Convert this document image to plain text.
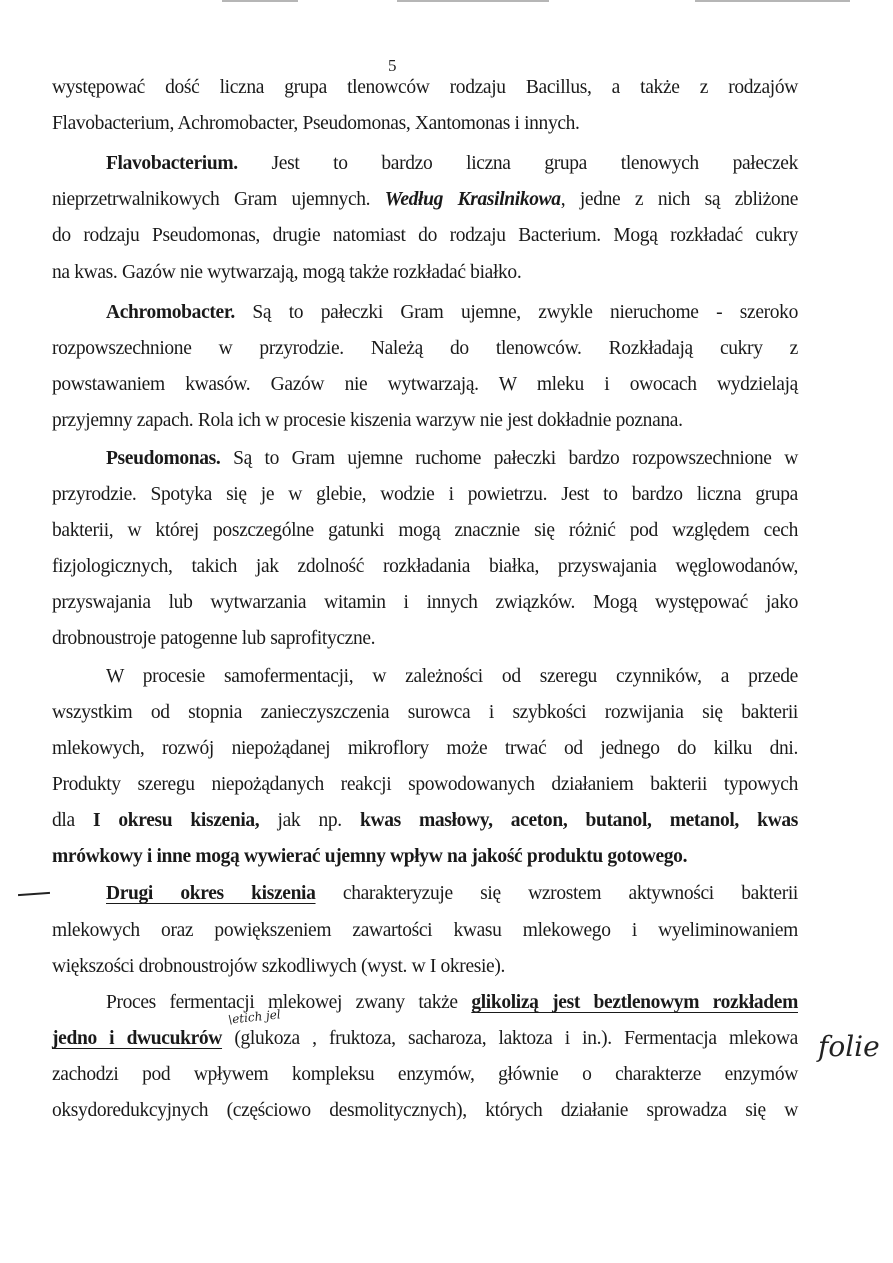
5
występować dość liczna grupa tlenowców rodzaju Bacillus, a także z rodzajów
Flavobacterium, Achromobacter, Pseudomonas, Xantomonas i innych.
Flavobacterium. Jest to bardzo liczna grupa tlenowych pałeczek
nieprzetrwalnikowych Gram ujemnych. Według Krasilnikowa, jedne z nich są zbliżone
do rodzaju Pseudomonas, drugie natomiast do rodzaju Bacterium. Mogą rozkładać cukry
na kwas. Gazów nie wytwarzają, mogą także rozkładać białko.
Achromobacter. Są to pałeczki Gram ujemne, zwykle nieruchome - szeroko
rozpowszechnione w przyrodzie. Należą do tlenowców. Rozkładają cukry z
powstawaniem kwasów. Gazów nie wytwarzają. W mleku i owocach wydzielają
przyjemny zapach. Rola ich w procesie kiszenia warzyw nie jest dokładnie poznana.
Pseudomonas. Są to Gram ujemne ruchome pałeczki bardzo rozpowszechnione w
przyrodzie. Spotyka się je w glebie, wodzie i powietrzu. Jest to bardzo liczna grupa
bakterii, w której poszczególne gatunki mogą znacznie się różnić pod względem cech
fizjologicznych, takich jak zdolność rozkładania białka, przyswajania węglowodanów,
przyswajania lub wytwarzania witamin i innych związków. Mogą występować jako
drobnoustroje patogenne lub saprofityczne.
W procesie samofermentacji, w zależności od szeregu czynników, a przede
wszystkim od stopnia zanieczyszczenia surowca i szybkości rozwijania się bakterii
mlekowych, rozwój niepożądanej mikroflory może trwać od jednego do kilku dni.
Produkty szeregu niepożądanych reakcji spowodowanych działaniem bakterii typowych
dla I okresu kiszenia, jak np. kwas masłowy, aceton, butanol, metanol, kwas
mrówkowy i inne mogą wywierać ujemny wpływ na jakość produktu gotowego.
Drugi okres kiszenia charakteryzuje się wzrostem aktywności bakterii
mlekowych oraz powiększeniem zawartości kwasu mlekowego i wyeliminowaniem
większości drobnoustrojów szkodliwych (wyst. w I okresie).
Proces fermentacji mlekowej zwany także glikolizą jest beztlenowym rozkładem
jedno i dwucukrów (glukoza , fruktoza, sacharoza, laktoza i in.). Fermentacja mlekowa
zachodzi pod wpływem kompleksu enzymów, głównie o charakterze enzymów
oksydoredukcyjnych (częściowo desmolitycznych), których działanie sprowadza się w
\etich jel
folie
